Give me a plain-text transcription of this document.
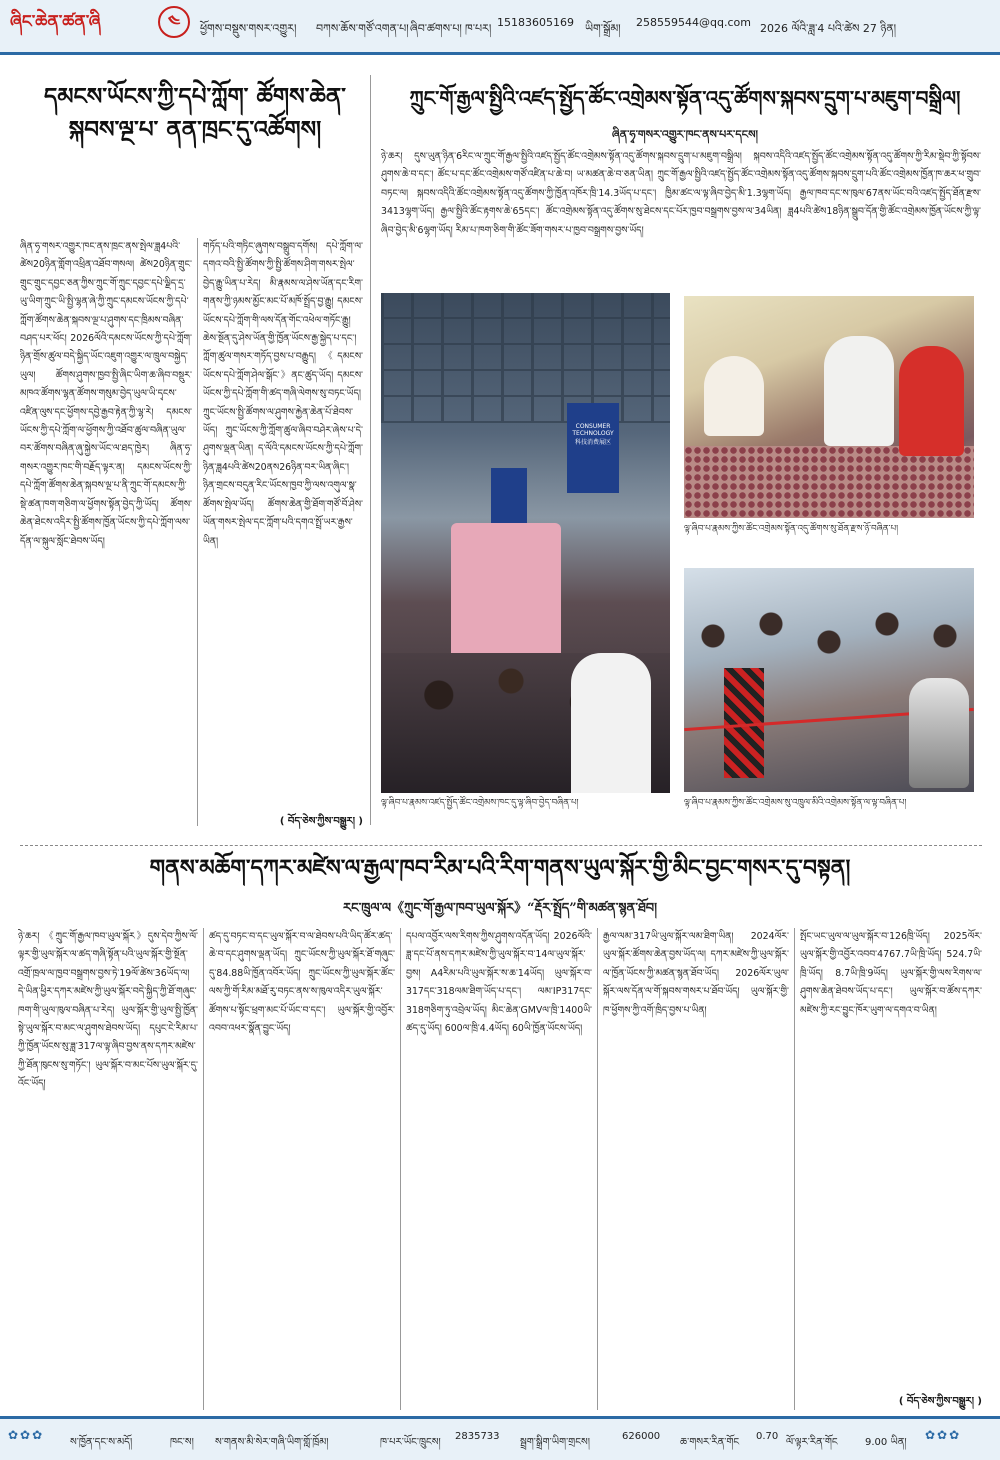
ཞིང་ཆེན་ཚན་ཞི	༤	ཕྱོགས་བསྡུས་གསར་འགྱུར། བཀས་ཆོས་གཙོ་འགན་པ། ཞིབ་ཚགས་པ། ཁ་པར། 15183605169 ཡིག་སྒྲོམ། 258559544@qq.com 2026 ལོའི་ཟླ་4 པའི་ཚེས 27 ཉིན།
དམངས་ཡོངས་ཀྱི་དཔེ་ཀློག་ ཚོགས་ཆེན་སྐབས་ལྔ་པ་ ནན་ཁྲང་དུ་འཚོགས།
ཞིན་ཧྭ་གསར་འགྱུར་ཁང་ནས་ཁྲང་ནས་སྤེལ་ཟླ4པའི་ཚེས20ཉིན་གློག་འཕྲིན་འཐོབ་གསལ། ཚེས20ཉིན་གྲུང་གྲུང་གྲུང་དབྱང་ཅན་ཀྱིས་ཀྲུང་གོ་ཀྲུང་དབྱང་དཔེ་ལྗིད་དྲ་ཡུ་ཡིག་ཀྲུང་ཡི་སྤྱི་ལྷན་ཞེ་ཀྱི་ཀྲུང་དམངས་ཡོངས་ཀྱི་དཔེ་ཀློག་ཚོགས་ཆེན་སྐབས་ལྔ་པ་ཤུགས་དང་ཁྲིམས་བཞིན་བཤད་པར་ཕོང། 2026ལོའི་དམངས་ཡོངས་ཀྱི་དཔེ་ཀློག་ཉིན་གྲོས་ཚུལ་བདེ་སྐྱིད་ཡོང་འཇུག་འགྱུར་ལ་ཁྲུལ་བསྐྱེད་ཡུལ། ཚོགས་ཤུགས་ཁྱབ་སྤྱི་ཞིང་ཡིག་ཆ་ཞིབ་བསྡུར་མཁའ་ཚོགས་ལྷན་ཚོགས་གསུམ་བྱེད་ཡུལ་ཡི་དྭངས་འཛིན་ལུས་དང་ཕྱོགས་དབྱེ་རྒྱབ་རྟེན་ཀྱི་ལྷ་རེ། དམངས་ཡོངས་ཀྱི་དཔེ་ཀློག་ལ་ཕྱོགས་ཀྱི་འཐོབ་ཚུལ་བཞིན་ཡུལ་བར་ཚོགས་བཞིན་ཞུ་སྐྱེས་ཡོང་ལ་ཐད་ཁྱེར། ཞིན་ཧྭ་གསར་འགྱུར་ཁང་གི་བརྗོད་ལྟར་ན། དམངས་ཡོངས་ཀྱི་དཔེ་ཀློག་ཚོགས་ཆེན་སྐབས་ལྔ་པ་ནི་ཀྲུང་གོ་དམངས་ཀྱི་སྡེ་ཚན་ཁག་གཅིག་ལ་ཕྱོགས་སྟོན་བྱེད་ཀྱི་ཡོད། ཚོགས་ཆེན་ཐེངས་འདིར་སྤྱི་ཚོགས་ཁྱོན་ཡོངས་ཀྱི་དཔེ་ཀློག་ལས་དོན་ལ་སྐུལ་སློང་ཐེབས་ཡོད།
གཏོད་པའི་གཏིང་ཞུགས་བསྒྲུབ་དགོས། དཔེ་ཀློག་ལ་དགའ་བའི་སྤྱི་ཚོགས་ཀྱི་སྤྱི་ཚོགས་ཤིག་གསར་སྤེལ་བྱེད་རྒྱུ་ཡིན་པ་རེད། མི་རྣམས་ལ་ཤེས་ཡོན་དང་རིག་གནས་ཀྱི་ཉམས་མྱོང་མང་པོ་མཁོ་སྤྲོད་བྱ་རྒྱུ། དམངས་ཡོངས་དཔེ་ཀློག་གི་ལས་དོན་གོང་འཕེལ་གཏོང་རྒྱུ། ཆེས་སྔོན་དུ་ཤེས་ཡོན་གྱི་ཁྱོན་ཡོངས་རྒྱ་སྐྱེད་པ་དང་། ཀློག་ཚུལ་གསར་གཏོད་བྱས་པ་བརྒྱུད། 《དམངས་ཡོངས་དཔེ་ཀློག་ཤེལ་སྒོང་》ནང་ཚུད་ཡོད། དམངས་ཡོངས་ཀྱི་དཔེ་ཀློག་གི་ཚད་གཞི་ལེགས་སུ་བཏང་ཡོད། ཀྲུང་ཡོངས་སྤྱི་ཚོགས་ལ་ཤུགས་རྐྱེན་ཆེན་པོ་ཐེབས་ཡོད། ཀྲུང་ཡོངས་ཀྱི་ཀློག་ཚུལ་ཞིབ་བཤེར་ཞེས་པ་དེ་ཤུགས་ལྡན་ཡིན། ད་ལོའི་དམངས་ཡོངས་ཀྱི་དཔེ་ཀློག་ཉིན་ཟླ4པའི་ཚེས20ནས26ཉིན་བར་ཡིན་ཞིང་། ཉིན་གྲངས་བདུན་རིང་ཡོངས་ཁྱབ་ཀྱི་ལས་འགུལ་སྣ་ཚོགས་སྤེལ་ཡོད། ཚོགས་ཆེན་གྱི་ཐོག་གཙོ་བོ་ཤེས་ཡོན་གསར་སྤེལ་དང་ཀློག་པའི་དགའ་སྤྲོ་ཡར་རྒྱས་ཡིན།
( བོད་ཅེས་ཀྱིས་བསྒྱུར། )
ཀྲུང་གོ་རྒྱལ་སྤྱིའི་འཛད་སྤྱོད་ཚོང་འགྲེམས་སྟོན་འདུ་ཚོགས་སྐབས་དྲུག་པ་མཇུག་བསྒྲིལ།
ཞིན་ཧྭ་གསར་འགྱུར་ཁང་ནས་པར་དངས།
ཉེ་ཆར། དུས་ཡུན་ཉིན་6རིང་ལ་ཀྲུང་གོ་རྒྱལ་སྤྱིའི་འཛད་སྤྱོད་ཚོང་འགྲེམས་སྟོན་འདུ་ཚོགས་སྐབས་དྲུག་པ་མཇུག་བསྒྲིལ། སྐབས་འདིའི་འཛད་སྤྱོད་ཚོང་འགྲེམས་སྟོན་འདུ་ཚོགས་ཀྱི་རིམ་སྡེབ་ཀྱི་སྟོབས་ཤུགས་ཆེ་བ་དང་། ཚོང་པ་དང་ཚོང་འགྲེམས་གཙོ་འཛིན་པ་ཆེ་བ། ཡ་མཚན་ཆེ་བ་ཅན་ཡིན། ཀྲུང་གོ་རྒྱལ་སྤྱིའི་འཛད་སྤྱོད་ཚོང་འགྲེམས་སྟོན་འདུ་ཚོགས་སྐབས་དྲུག་པའི་ཚོང་འགྲེམས་ཁྱོན་ཁ་ཆར་ཕ་གྲུབ་བཏང་ལ། སྐབས་འདིའི་ཚོང་འགྲེམས་སྟོན་འདུ་ཚོགས་ཀྱི་ཁྱོན་འཁོར་ཁྲི་14.3ཡོད་པ་དང་། ཁྱིམ་ཚང་ལ་ལྟ་ཞིབ་བྱེད་མི་1.3ལྷག་ཡོད། རྒྱལ་ཁབ་དང་ས་ཁུལ་67ནས་ཡོང་བའི་འཛད་སྤྱོད་ཐོན་རྫས་3413ལྷག་ཡོད། རྒྱལ་སྤྱིའི་ཚོང་རྟགས་ཆེ་65དང་། ཚོང་འགྲེམས་སྟོན་འདུ་ཚོགས་སུ་ཐེངས་དང་པོར་ཁྱབ་བསྒྲགས་བྱས་ལ་34ཡིན། ཟླ4པའི་ཚེས18ཉིན་སྒྲུབ་དོན་གྱི་ཚོང་འགྲེམས་ཁྱོན་ཡོངས་ཀྱི་ལྟ་ཞིབ་བྱེད་མི་6ལྷག་ཡོད། རིམ་པ་ཁག་ཅིག་གི་ཚོང་ཟོག་གསར་པ་ཁྱབ་བསྒྲགས་བྱས་ཡོད།
CONSUMER TECHNOLOGY
科技消费展区
ལྟ་ཞིབ་པ་རྣམས་འཛད་སྤྱོད་ཚོང་འགྲེམས་ཁང་དུ་ལྟ་ཞིབ་བྱེད་བཞིན་པ།
ལྟ་ཞིབ་པ་རྣམས་ཀྱིས་ཚོང་འགྲེམས་སྟོན་འདུ་ཚོགས་སུ་ཐོན་རྫས་ཉོ་བཞིན་པ།
ལྟ་ཞིབ་པ་རྣམས་ཀྱིས་ཚོང་འགྲེམས་སུ་འཁྲུལ་མིའི་འགྲེམས་སྟོན་ལ་ལྟ་བཞིན་པ།
གནས་མཆོག་དཀར་མཛེས་ལ་རྒྱལ་ཁབ་རིམ་པའི་རིག་གནས་ཡུལ་སྐོར་གྱི་མིང་བྱང་གསར་དུ་བསྟན།
རང་ཁྲུལ་ལ《ཀྲུང་གོ་རྒྱལ་ཁབ་ཡུལ་སྐོར》“རྡོར་སྤྲོད”གི་མཚན་སྙན་ཐོབ།
ཉེ་ཆར། 《ཀྲུང་གོ་རྒྱལ་ཁབ་ཡུལ་སྐོར》དུས་དེབ་ཀྱིས་ལོ་ལྟར་གྱི་ཡུལ་སྐོར་ལ་ཚད་གཞི་སྟོན་པའི་ཡུལ་སྐོར་གྱི་སྔོན་འགྲོ་ཁྲལ་ལ་ཁྱབ་བསྒྲགས་བྱས་ཏེ་19ལོ་ཚེས་36ཡོད་ལ། དེ་ཡིན་ཕྱིར་དཀར་མཛེས་ཀྱི་ཡུལ་སྐོར་བདེ་སྐྱིད་ཀྱི་ཐོ་གཞུང་ཁག་གི་ཡུལ་ཁུལ་བཞིན་པ་རེད། ཡུལ་སྐོར་གྱི་ཡུལ་སྤྱི་ཁྱོན་སྟེ་ཡུལ་སྐོར་བ་མང་ལ་ཤུགས་ཐེབས་ཡོད། དཔུང་ངེ་རིམ་པ་ཀྱི་ཁྱོན་ཡོངས་སུ་ཟླ་317ལ་ལྟ་ཞིབ་བྱས་ནས་དཀར་མཛེས་ཀྱི་ཐོན་ཁུངས་སུ་གཏོང་། ཡུལ་སྐོར་བ་མང་པོས་ཡུལ་སྐོར་དུ་འོང་ཡོད།
ཚད་དུ་བཏང་བ་དང་ཡུལ་སྐོར་བ་ལ་ཐེབས་པའི་ཡིད་ཚོར་ཚད་ཆེ་བ་དང་ཤུགས་ལྡན་ཡོད། ཀྲུང་ཡོངས་ཀྱི་ཡུལ་སྐོར་ཐོ་གཞུང་དུ་84.88ཡི་ཁྱོན་འབོར་ཡོད། ཀྲུང་ཡོངས་ཀྱི་ཡུལ་སྐོར་ཚོང་ལས་ཀྱི་གོ་རིམ་མཐོ་རུ་བཏང་ནས་ས་ཁུལ་འདིར་ཡུལ་སྐོར་ཚོགས་པ་སྟོང་ཕྲག་མང་པོ་ཡོང་བ་དང་། ཡུལ་སྐོར་གྱི་འབྱོར་འབབ་འཕར་སྣོན་བྱུང་ཡོད།
དཔལ་འབྱོར་ལས་རིགས་ཀྱིས་ཤུགས་འདོན་ཡོད། 2026ལོའི་ཟླ་དང་པོ་ནས་དཀར་མཛེས་ཀྱི་ཡུལ་སྐོར་བ་14ལ་ཡུལ་སྐོར་བྱས། A4རིམ་པའི་ཡུལ་སྐོར་ས་ཆ་14ཡོད། ཡུལ་སྐོར་བ་317དང་318ལམ་ཐིག་ཡོད་པ་དང་། ལམ་IP317དང་318གཅིག་ཏུ་འབྲེལ་ཡོད། མིང་ཆེན་GMVལ་ཁྲི་1400ཡི་ཚད་དུ་ཡོད། 600ལ་ཁྲི་4.4ཡོད། 60ཡི་ཁྱོན་ཡོངས་ཡོད།
རྒྱལ་ལམ་317ཡི་ཡུལ་སྐོར་ལམ་ཐིག་ཡིན། 2024ལོར་ཡུལ་སྐོར་ཚོགས་ཆེན་བྱས་ཡོད་ལ། དཀར་མཛེས་ཀྱི་ཡུལ་སྐོར་ལ་ཁྱོན་ཡོངས་ཀྱི་མཚན་སྙན་ཐོབ་ཡོད། 2026ལོར་ཡུལ་སྐོར་ལས་དོན་ལ་གོ་སྐབས་གསར་པ་ཐོབ་ཡོད། ཡུལ་སྐོར་གྱི་ཁ་ཕྱོགས་ཀྱི་འགོ་ཁྲིད་བྱས་པ་ཡིན།
སྤོང་ཡང་ཡུལ་ལ་ཡུལ་སྐོར་བ་126ཁྲི་ཡོད། 2025ལོར་ཡུལ་སྐོར་གྱི་འབྱོར་འབབ་4767.7ཡི་ཁྲི་ཡོད། 524.7ཡི་ཁྲི་ཡོད། 8.7ཡི་ཁྲི་9ཡོད། ཡུལ་སྐོར་གྱི་ལས་རིགས་ལ་ཤུགས་ཆེན་ཐེབས་ཡོད་པ་དང་། ཡུལ་སྐོར་བ་ཚོས་དཀར་མཛེས་ཀྱི་རང་བྱུང་ཁོར་ཡུག་ལ་དགའ་བ་ཡིན།
( བོད་ཅེས་ཀྱིས་བསྒྱུར། )
✿✿✿	✿✿✿
ས་ཁྱོན་དང་ས་མདོ།	ཁང་ས། ས་གནས་མི་སེར་གཞི་ཡིག་གློ་ཁྲོམ།	ཁ་པར་ཡོང་ཁྲུངས།
2835733
སྦྲག་སྒྲིག་ཡིག་གྲངས།
626000
ཆ་གསར་རིན་གོང
0.70
ལོ་ལྟར་རིན་གོང	9.00 ཡིན།
